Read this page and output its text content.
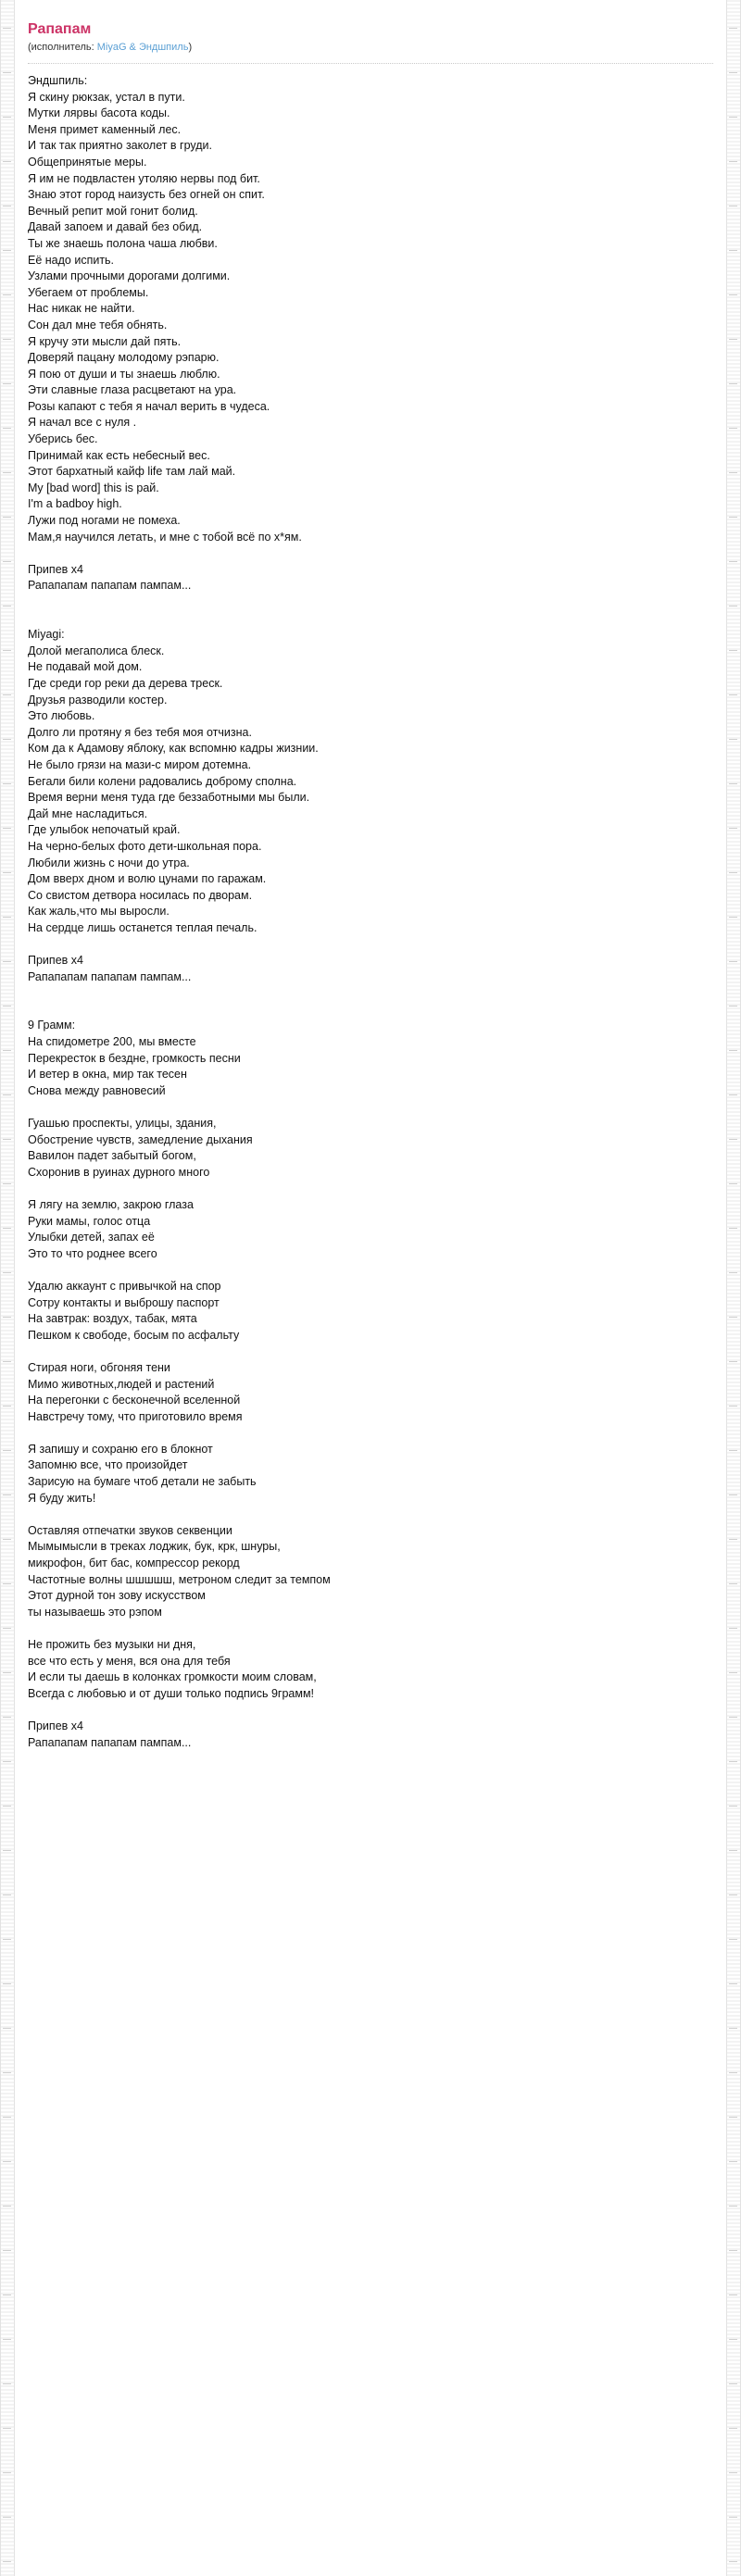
Рапапам
(исполнитель: MiyaG & Эндшпиль)
Эндшпиль:
Я скину рюкзак, устал в пути.
Мутки лярвы басота коды.
Меня примет каменный лес.
И так так приятно заколет в груди.
Общепринятые меры.
Я им не подвластен утоляю нервы под бит.
Знаю этот город наизусть без огней он спит.
Вечный репит мой гонит болид.
Давай запоем и давай без обид.
Ты же знаешь полона чаша любви.
Её надо испить.
Узлами прочными дорогами долгими.
Убегаем от проблемы.
Нас никак не найти.
Сон дал мне тебя обнять.
Я кручу эти мысли дай пять.
Доверяй пацану молодому рэпарю.
Я пою от души и ты знаешь люблю.
Эти славные глаза расцветают на ура.
Розы капают с тебя я начал верить в чудеса.
Я начал все с нуля .
Уберись бес.
Принимай как есть небесный вес.
Этот бархатный кайф life там лай май.
My [bad word] this is рай.
I'm a badboy high.
Лужи под ногами не помеха.
Мам,я научился летать, и мне с тобой всё по х*ям.
Припев х4
Рапапапам папапам пампам...
Miyagi:
Долой мегаполиса блеск.
Не подавай мой дом.
Где среди гор реки да дерева треск.
Друзья разводили костер.
Это любовь.
Долго ли протяну я без тебя моя отчизна.
Ком да к Адамову яблоку, как вспомню кадры жизнии.
Не было грязи на мази-с миром дотемна.
Бегали били колени радовались доброму сполна.
Время верни меня туда где беззаботными мы были.
Дай мне насладиться.
Где улыбок непочатый край.
На черно-белых фото дети-школьная пора.
Любили жизнь с ночи до утра.
Дом вверх дном и волю цунами по гаражам.
Со свистом детвора носилась по дворам.
Как жаль,что мы выросли.
На сердце лишь останется теплая печаль.
Припев х4
Рапапапам папапам пампам...
9 Грамм:
На спидометре 200, мы вместе
Перекресток в бездне, громкость песни
И ветер в окна, мир так тесен
Снова между равновесий
Гуашью проспекты, улицы, здания,
Обострение чувств, замедление дыхания
Вавилон падет забытый богом,
Схоронив в руинах дурного много
Я лягу на землю, закрою глаза
Руки мамы, голос отца
Улыбки детей, запах её
Это то что роднее всего
Удалю аккаунт с привычкой на спор
Сотру контакты и выброшу паспорт
На завтрак: воздух, табак, мята
Пешком к свободе, босым по асфальту
Стирая ноги, обгоняя тени
Мимо животных,людей и растений
На перегонки с бесконечной вселенной
Навстречу тому, что приготовило время
Я запишу и сохраню его в блокнот
Запомню все, что произойдет
Зарисую на бумаге чтоб детали не забыть
Я буду жить!
Оставляя отпечатки звуков секвенции
Мымымысли в треках лоджик, бук, крк, шнуры,
микрофон, бит бас, компрессор рекорд
Частотные волны шшшшш, метроном следит за темпом
Этот дурной тон зову искусством
ты называешь это рэпом
Не прожить без музыки ни дня,
все что есть у меня, вся она для тебя
И если ты даешь в колонках громкости моим словам,
Всегда с любовью и от души только подпись 9грамм!
Припев х4
Рапапапам папапам пампам...
